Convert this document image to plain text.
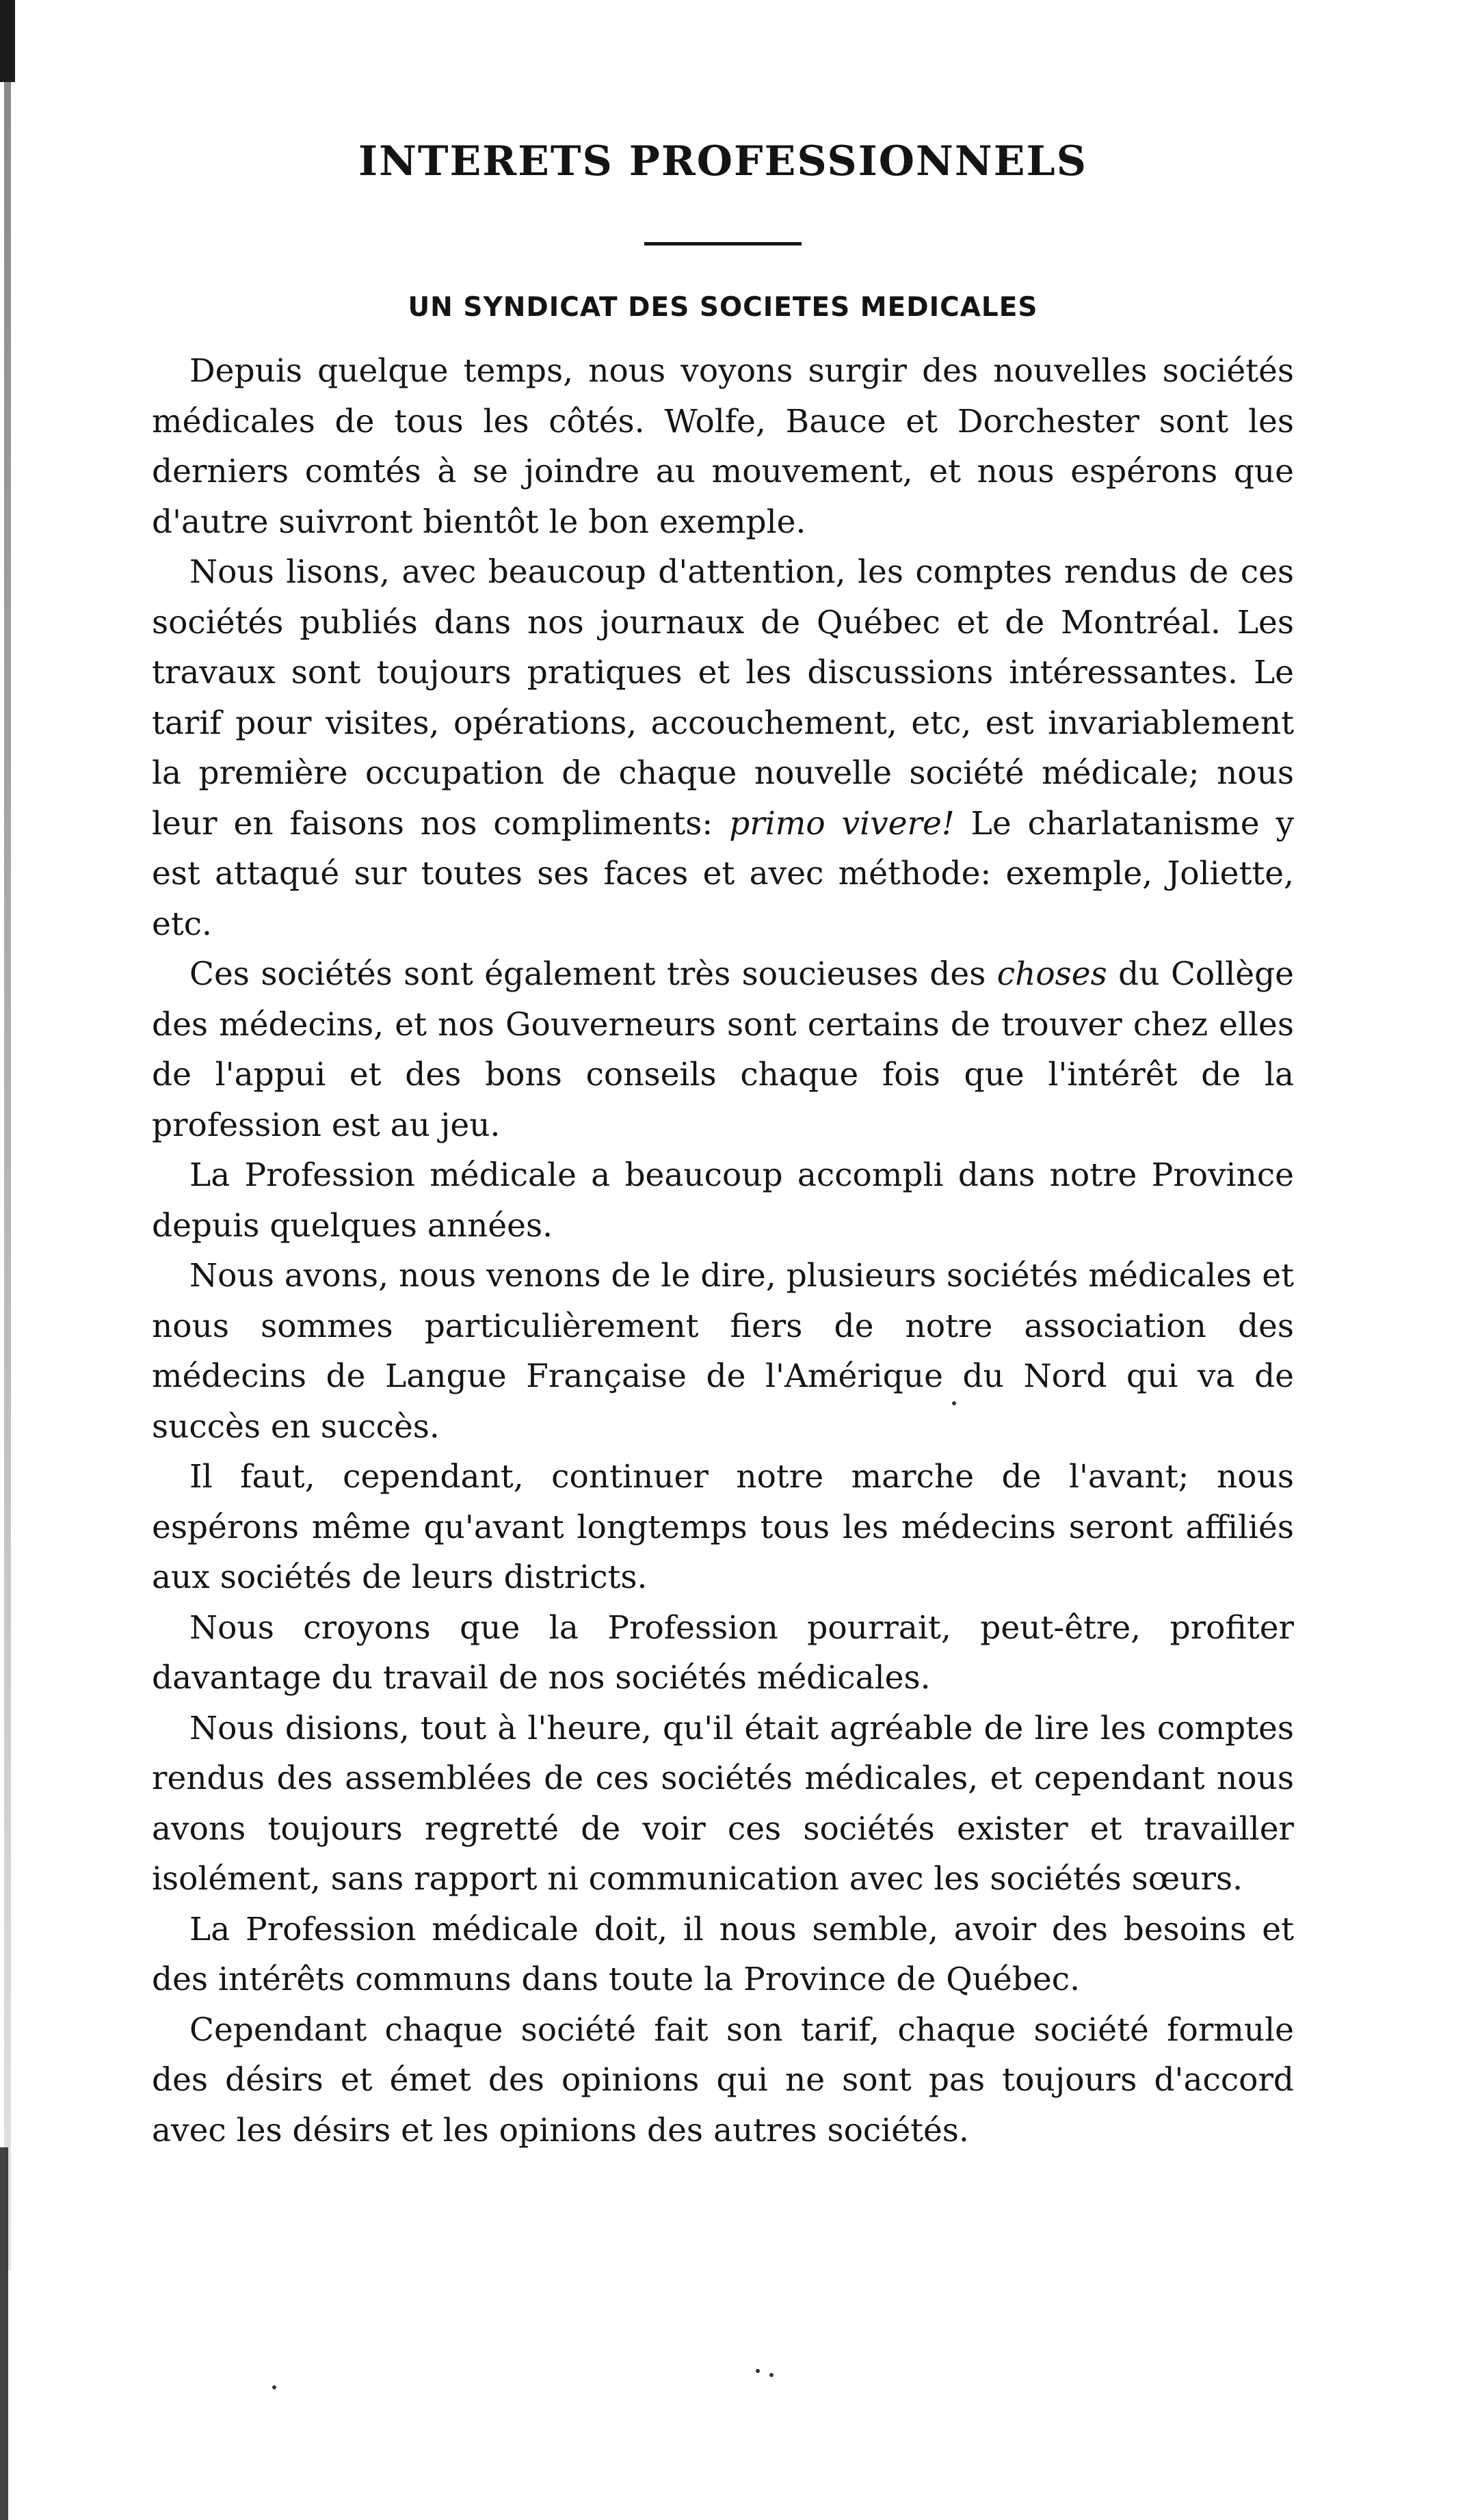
INTERETS PROFESSIONNELS
UN SYNDICAT DES SOCIETES MEDICALES

Depuis quelque temps, nous voyons surgir des nouvelles sociétés médicales de tous les côtés. Wolfe, Bauce et Dorchester sont les derniers comtés à se joindre au mouvement, et nous espérons que d'autre suivront bientôt le bon exemple.

Nous lisons, avec beaucoup d'attention, les comptes rendus de ces sociétés publiés dans nos journaux de Québec et de Montréal. Les travaux sont toujours pratiques et les discussions intéressantes. Le tarif pour visites, opérations, accouchement, etc, est invariablement la première occupation de chaque nouvelle société médicale; nous leur en faisons nos compliments: primo vivere! Le charlatanisme y est attaqué sur toutes ses faces et avec méthode: exemple, Joliette, etc.

Ces sociétés sont également très soucieuses des choses du Collège des médecins, et nos Gouverneurs sont certains de trouver chez elles de l'appui et des bons conseils chaque fois que l'intérêt de la profession est au jeu.

La Profession médicale a beaucoup accompli dans notre Province depuis quelques années.

Nous avons, nous venons de le dire, plusieurs sociétés médicales et nous sommes particulièrement fiers de notre association des médecins de Langue Française de l'Amérique du Nord qui va de succès en succès.

Il faut, cependant, continuer notre marche de l'avant; nous espérons même qu'avant longtemps tous les médecins seront affiliés aux sociétés de leurs districts.

Nous croyons que la Profession pourrait, peut-être, profiter davantage du travail de nos sociétés médicales.

Nous disions, tout à l'heure, qu'il était agréable de lire les comptes rendus des assemblées de ces sociétés médicales, et cependant nous avons toujours regretté de voir ces sociétés exister et travailler isolément, sans rapport ni communication avec les sociétés sœurs.

La Profession médicale doit, il nous semble, avoir des besoins et des intérêts communs dans toute la Province de Québec.

Cependant chaque société fait son tarif, chaque société formule des désirs et émet des opinions qui ne sont pas toujours d'accord avec les désirs et les opinions des autres sociétés.
